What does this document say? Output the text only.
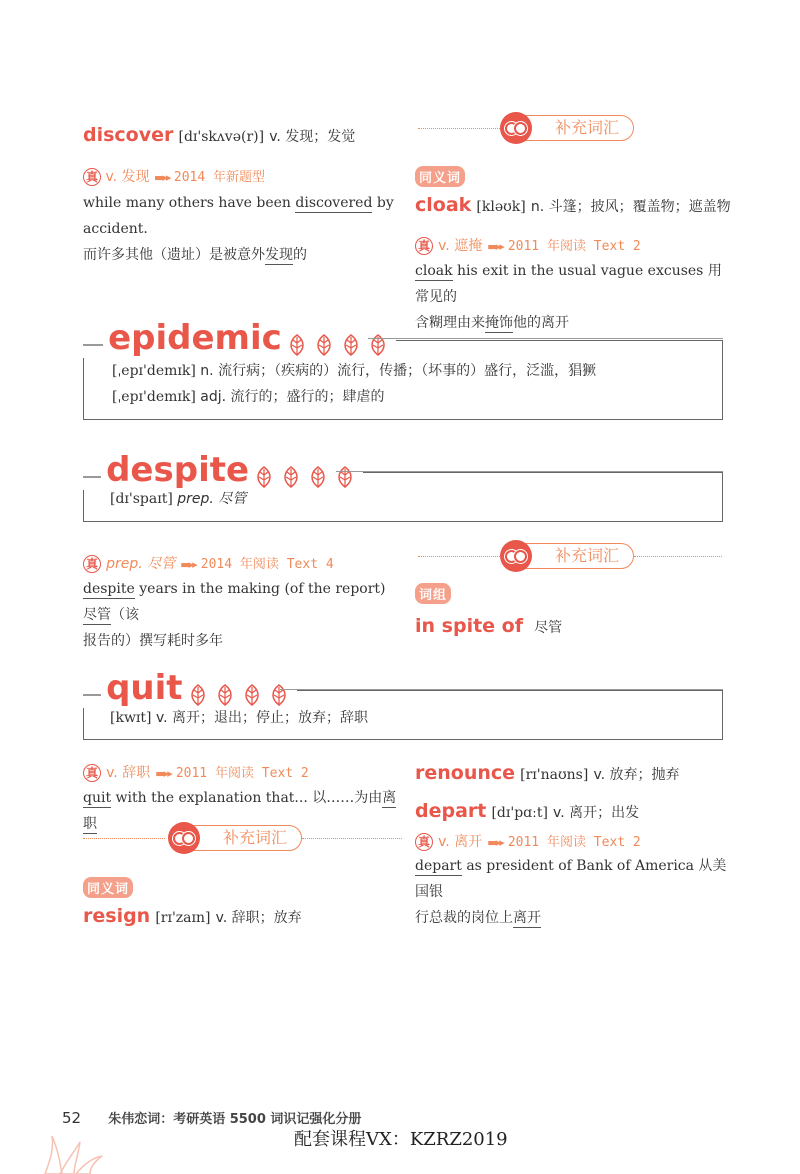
discover [dɪ'skʌvə(r)] v. 发现；发觉
真 v. 发现 ▬▸▸ 2014 年新题型
while many others have been discovered by accident.
而许多其他（遗址）是被意外发现的
补充词汇
同义词
cloak [kləʊk] n. 斗篷；披风；覆盖物；遮盖物
真 v. 遮掩 ▬▸▸ 2011 年阅读 Text 2
cloak his exit in the usual vague excuses 用常见的
含糊理由来掩饰他的离开
epidemic
[ˌepɪ'demɪk] n. 流行病；（疾病的）流行，传播；（坏事的）盛行，泛滥，猖獗
[ˌepɪ'demɪk] adj. 流行的；盛行的；肆虐的
despite
[dɪ'spaɪt] prep. 尽管
真 prep. 尽管 ▬▸▸ 2014 年阅读 Text 4
despite years in the making (of the report) 尽管（该
报告的）撰写耗时多年
补充词汇
词组
in spite of 尽管
quit
[kwɪt] v. 离开；退出；停止；放弃；辞职
真 v. 辞职 ▬▸▸ 2011 年阅读 Text 2
quit with the explanation that... 以……为由离职
补充词汇
同义词
resign [rɪ'zaɪn] v. 辞职；放弃
renounce [rɪ'naʊns] v. 放弃；抛弃
depart [dɪ'pɑːt] v. 离开；出发
真 v. 离开 ▬▸▸ 2011 年阅读 Text 2
depart as president of Bank of America 从美国银
行总裁的岗位上离开
52 朱伟恋词：考研英语 5500 词识记强化分册
配套课程VX：KZRZ2019
